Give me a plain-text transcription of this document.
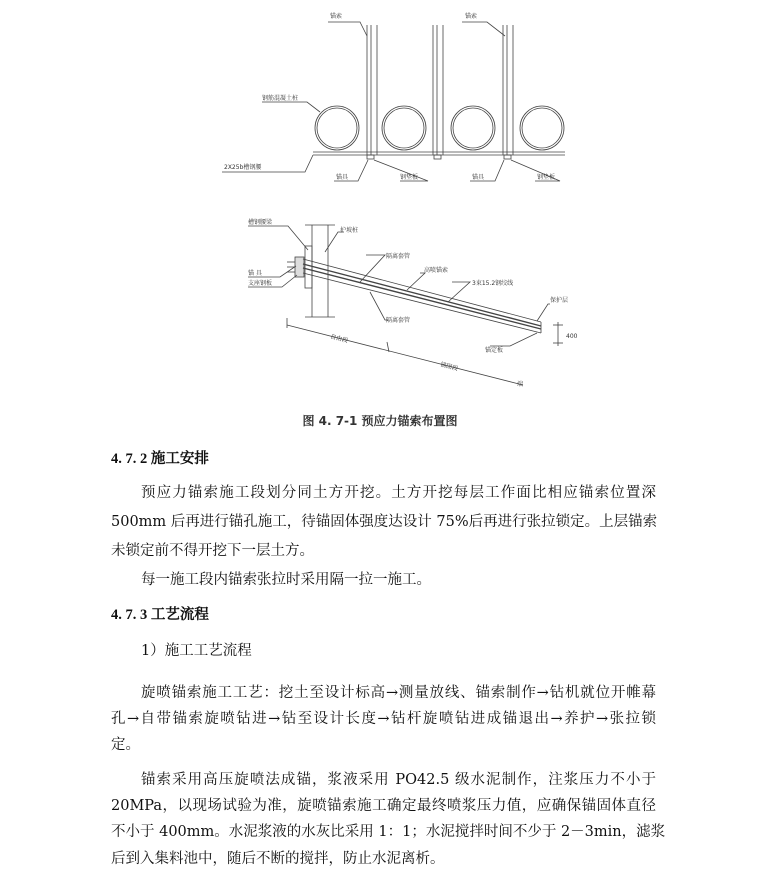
锚索	锚索
钢筋混凝土桩
2X25b槽钢腰
锚具	钢垫板	锚具	钢垫板
槽钢腰梁
护坡桩
锚 具
支座钢板
隔离套管
隔离套管
高喷锚索
3束15.2钢绞线
保护层
锚定板
自由段
锚固段
400
端
图 4. 7-1 预应力锚索布置图
4. 7. 2 施工安排
预应力锚索施工段划分同土方开挖。土方开挖每层工作面比相应锚索位置深
500mm 后再进行锚孔施工，待锚固体强度达设计 75%后再进行张拉锁定。上层锚索
未锁定前不得开挖下一层土方。
每一施工段内锚索张拉时采用隔一拉一施工。
4. 7. 3 工艺流程
1）施工工艺流程
旋喷锚索施工工艺：挖土至设计标高→测量放线、锚索制作→钻机就位开帷幕
孔→自带锚索旋喷钻进→钻至设计长度→钻杆旋喷钻进成锚退出→养护→张拉锁
定。
锚索采用高压旋喷法成锚，浆液采用 PO42.5 级水泥制作，注浆压力不小于
20MPa，以现场试验为准，旋喷锚索施工确定最终喷浆压力值，应确保锚固体直径
不小于 400mm。水泥浆液的水灰比采用 1：1；水泥搅拌时间不少于 2－3min，滤浆
后到入集料池中，随后不断的搅拌，防止水泥离析。
